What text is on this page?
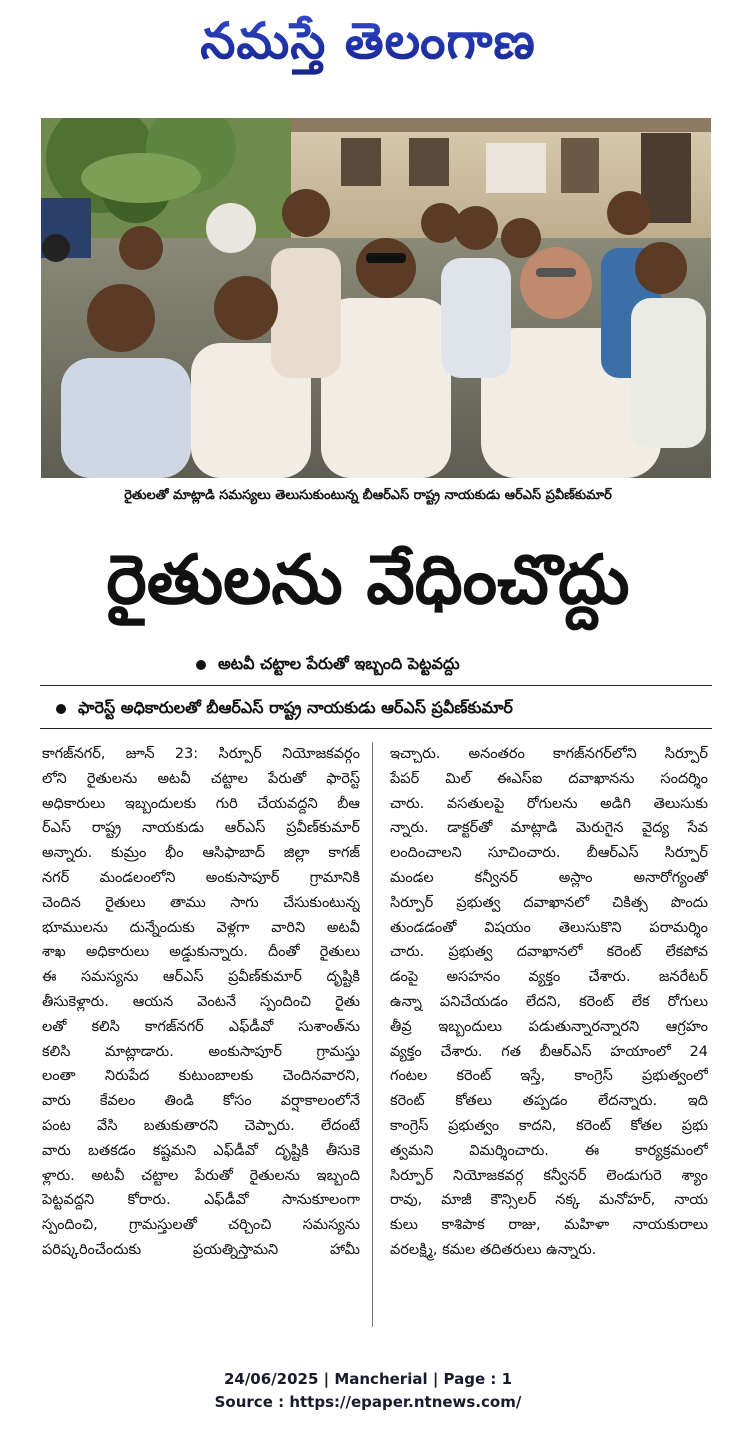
నమస్తే తెలంగాణ
రైతులతో మాట్లాడి సమస్యలు తెలుసుకుంటున్న బీఆర్ఎస్ రాష్ట్ర నాయకుడు ఆర్ఎస్ ప్రవీణ్‌కుమార్
రైతులను వేధించొద్దు
అటవీ చట్టాల పేరుతో ఇబ్బంది పెట్టవద్దు
ఫారెస్ట్ అధికారులతో బీఆర్ఎస్ రాష్ట్ర నాయకుడు ఆర్ఎస్ ప్రవీణ్‌కుమార్
కాగజ్‌నగర్, జూన్ 23: సిర్పూర్ నియోజకవర్గం
లోని రైతులను అటవీ చట్టాల పేరుతో ఫారెస్ట్
అధికారులు ఇబ్బందులకు గురి చేయవద్దని బీఆ
ర్ఎస్ రాష్ట్ర నాయకుడు ఆర్ఎస్ ప్రవీణ్‌కుమార్
అన్నారు. కుమ్రం భీం ఆసిఫాబాద్ జిల్లా కాగజ్
నగర్ మండలంలోని అంకుసాపూర్ గ్రామానికి
చెందిన రైతులు తాము సాగు చేసుకుంటున్న
భూములను దున్నేందుకు వెళ్లగా వారిని అటవీ
శాఖ అధికారులు అడ్డుకున్నారు. దీంతో రైతులు
ఈ సమస్యను ఆర్ఎస్ ప్రవీణ్‌కుమార్ దృష్టికి
తీసుకెళ్లారు. ఆయన వెంటనే స్పందించి రైతు
లతో కలిసి కాగజ్‌నగర్ ఎఫ్‌డీవో సుశాంత్‌ను
కలిసి మాట్లాడారు. అంకుసాపూర్ గ్రామస్తు
లంతా నిరుపేద కుటుంబాలకు చెందినవారని,
వారు కేవలం తిండి కోసం వర్షాకాలంలోనే
పంట వేసి బతుకుతారని చెప్పారు. లేదంటే
వారు బతకడం కష్టమని ఎఫ్‌డీవో దృష్టికి తీసుకె
ళ్లారు. అటవీ చట్టాల పేరుతో రైతులను ఇబ్బంది
పెట్టవద్దని కోరారు. ఎఫ్‌డీవో సానుకూలంగా
స్పందించి, గ్రామస్తులతో చర్చించి సమస్యను
పరిష్కరించేందుకు ప్రయత్నిస్తామని హామీ
ఇచ్చారు. అనంతరం కాగజ్‌నగర్‌లోని సిర్పూర్
పేపర్ మిల్ ఈఎస్ఐ దవాఖానను సందర్శిం
చారు. వసతులపై రోగులను అడిగి తెలుసుకు
న్నారు. డాక్టర్‌తో మాట్లాడి మెరుగైన వైద్య సేవ
లందించాలని సూచించారు. బీఆర్ఎస్ సిర్పూర్
మండల కన్వీనర్ అస్లాం అనారోగ్యంతో
సిర్పూర్ ప్రభుత్వ దవాఖానలో చికిత్స పొందు
తుండడంతో విషయం తెలుసుకొని పరామర్శిం
చారు. ప్రభుత్వ దవాఖానలో కరెంట్ లేకపోవ
డంపై అసహనం వ్యక్తం చేశారు. జనరేటర్
ఉన్నా పనిచేయడం లేదని, కరెంట్ లేక రోగులు
తీవ్ర ఇబ్బందులు పడుతున్నారన్నారని ఆగ్రహం
వ్యక్తం చేశారు. గత బీఆర్ఎస్ హయాంలో 24
గంటల కరెంట్ ఇస్తే, కాంగ్రెస్ ప్రభుత్వంలో
కరెంట్ కోతలు తప్పడం లేదన్నారు. ఇది
కాంగ్రెస్ ప్రభుత్వం కాదని, కరెంట్ కోతల ప్రభు
త్వమని విమర్శించారు. ఈ కార్యక్రమంలో
సిర్పూర్ నియోజకవర్గ కన్వీనర్ లెండుగురె శ్యాం
రావు, మాజీ కౌన్సిలర్ నక్క మనోహర్, నాయ
కులు కాశిపాక రాజు, మహిళా నాయకురాలు
వరలక్ష్మి, కమల తదితరులు ఉన్నారు.
24/06/2025 | Mancherial | Page : 1
Source : https://epaper.ntnews.com/
